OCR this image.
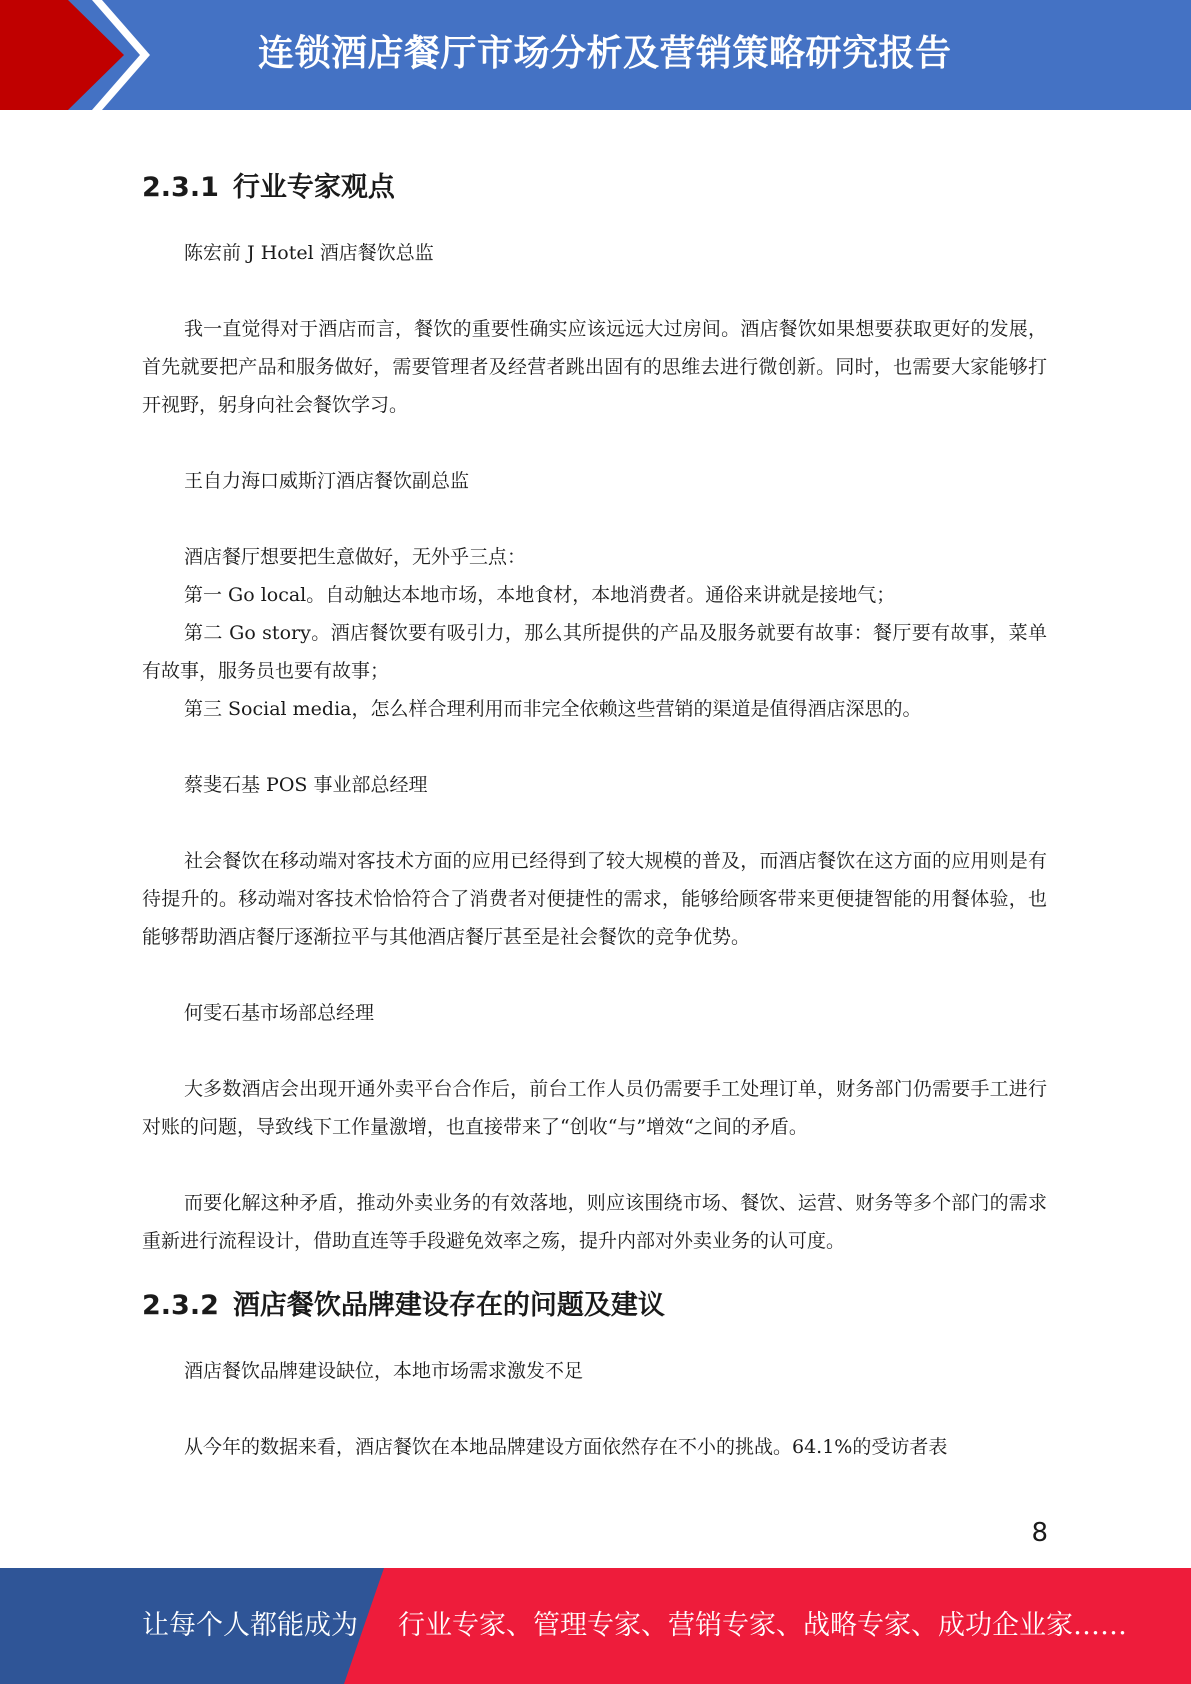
连锁酒店餐厅市场分析及营销策略研究报告
2.3.1 行业专家观点

陈宏前 J Hotel 酒店餐饮总监

我一直觉得对于酒店而言，餐饮的重要性确实应该远远大过房间。酒店餐饮如果想要获取更好的发展，首先就要把产品和服务做好，需要管理者及经营者跳出固有的思维去进行微创新。同时，也需要大家能够打开视野，躬身向社会餐饮学习。

王自力海口威斯汀酒店餐饮副总监

酒店餐厅想要把生意做好，无外乎三点：

第一 Go local。自动触达本地市场，本地食材，本地消费者。通俗来讲就是接地气；

第二 Go story。酒店餐饮要有吸引力，那么其所提供的产品及服务就要有故事：餐厅要有故事，菜单有故事，服务员也要有故事；

第三 Social media，怎么样合理利用而非完全依赖这些营销的渠道是值得酒店深思的。

蔡斐石基 POS 事业部总经理

社会餐饮在移动端对客技术方面的应用已经得到了较大规模的普及，而酒店餐饮在这方面的应用则是有待提升的。移动端对客技术恰恰符合了消费者对便捷性的需求，能够给顾客带来更便捷智能的用餐体验，也能够帮助酒店餐厅逐渐拉平与其他酒店餐厅甚至是社会餐饮的竞争优势。

何雯石基市场部总经理

大多数酒店会出现开通外卖平台合作后，前台工作人员仍需要手工处理订单，财务部门仍需要手工进行对账的问题，导致线下工作量激增，也直接带来了“创收“与”增效“之间的矛盾。

而要化解这种矛盾，推动外卖业务的有效落地，则应该围绕市场、餐饮、运营、财务等多个部门的需求重新进行流程设计，借助直连等手段避免效率之殇，提升内部对外卖业务的认可度。

2.3.2 酒店餐饮品牌建设存在的问题及建议

酒店餐饮品牌建设缺位，本地市场需求激发不足

从今年的数据来看，酒店餐饮在本地品牌建设方面依然存在不小的挑战。64.1%的受访者表

8
让每个人都能成为 行业专家、管理专家、营销专家、战略专家、成功企业家……
